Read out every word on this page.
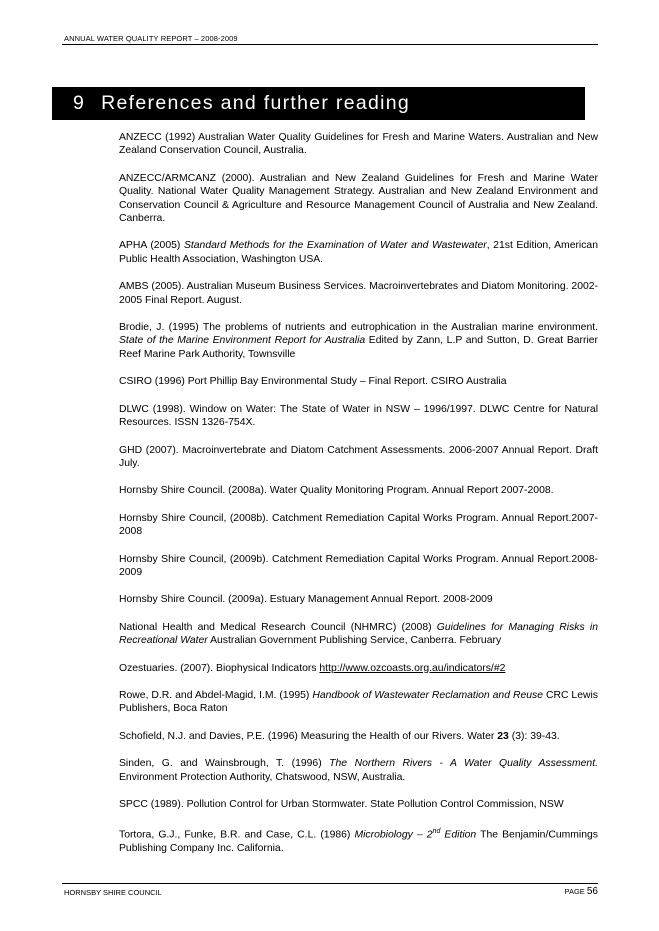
ANNUAL WATER QUALITY REPORT – 2008-2009
9 References and further reading

ANZECC (1992) Australian Water Quality Guidelines for Fresh and Marine Waters. Australian and New Zealand Conservation Council, Australia.

ANZECC/ARMCANZ (2000). Australian and New Zealand Guidelines for Fresh and Marine Water Quality. National Water Quality Management Strategy. Australian and New Zealand Environment and Conservation Council & Agriculture and Resource Management Council of Australia and New Zealand. Canberra.

APHA (2005) Standard Methods for the Examination of Water and Wastewater, 21st Edition, American Public Health Association, Washington USA.

AMBS (2005). Australian Museum Business Services. Macroinvertebrates and Diatom Monitoring. 2002-2005 Final Report. August.

Brodie, J. (1995) The problems of nutrients and eutrophication in the Australian marine environment. State of the Marine Environment Report for Australia Edited by Zann, L.P and Sutton, D. Great Barrier Reef Marine Park Authority, Townsville

CSIRO (1996) Port Phillip Bay Environmental Study – Final Report. CSIRO Australia

DLWC (1998). Window on Water: The State of Water in NSW – 1996/1997. DLWC Centre for Natural Resources. ISSN 1326-754X.

GHD (2007). Macroinvertebrate and Diatom Catchment Assessments. 2006-2007 Annual Report. Draft July.

Hornsby Shire Council. (2008a). Water Quality Monitoring Program. Annual Report 2007-2008.

Hornsby Shire Council, (2008b). Catchment Remediation Capital Works Program. Annual Report.2007-2008

Hornsby Shire Council, (2009b). Catchment Remediation Capital Works Program. Annual Report.2008-2009

Hornsby Shire Council. (2009a). Estuary Management Annual Report. 2008-2009

National Health and Medical Research Council (NHMRC) (2008) Guidelines for Managing Risks in Recreational Water Australian Government Publishing Service, Canberra. February

Ozestuaries. (2007). Biophysical Indicators http://www.ozcoasts.org.au/indicators/#2

Rowe, D.R. and Abdel-Magid, I.M. (1995) Handbook of Wastewater Reclamation and Reuse CRC Lewis Publishers, Boca Raton

Schofield, N.J. and Davies, P.E. (1996) Measuring the Health of our Rivers. Water 23 (3): 39-43.

Sinden, G. and Wainsbrough, T. (1996) The Northern Rivers - A Water Quality Assessment. Environment Protection Authority, Chatswood, NSW, Australia.

SPCC (1989). Pollution Control for Urban Stormwater. State Pollution Control Commission, NSW

Tortora, G.J., Funke, B.R. and Case, C.L. (1986) Microbiology – 2nd Edition The Benjamin/Cummings Publishing Company Inc. California.

HORNSBY SHIRE COUNCIL	PAGE 56
